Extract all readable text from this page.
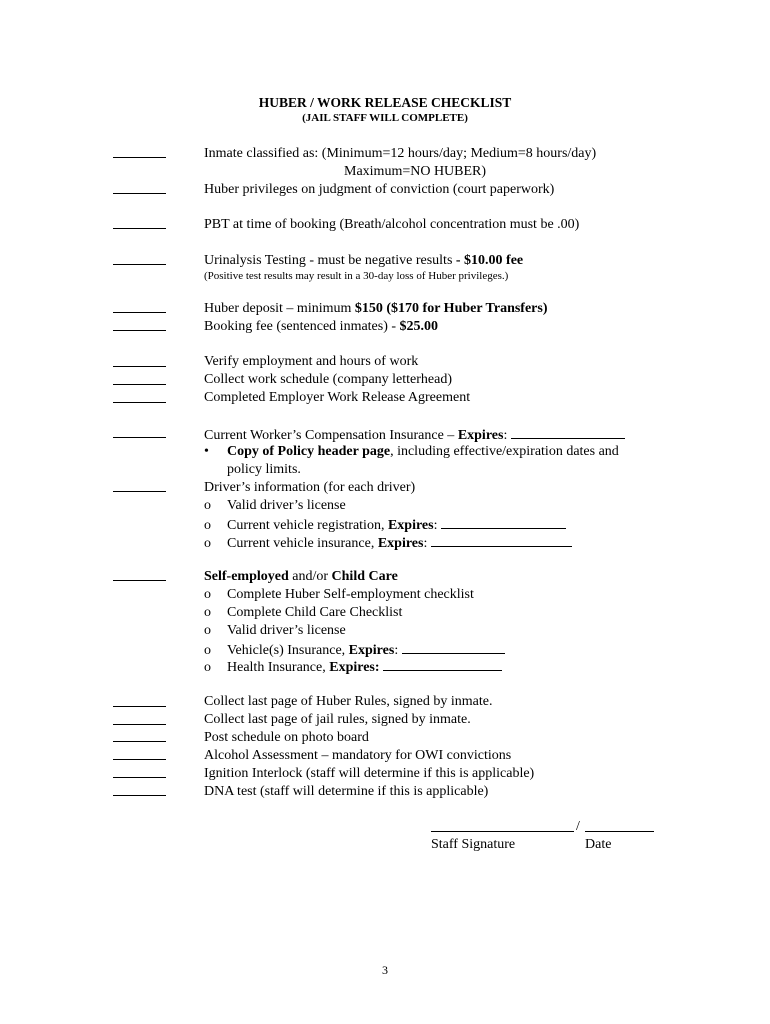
HUBER / WORK RELEASE CHECKLIST
(JAIL STAFF WILL COMPLETE)
Inmate classified as: (Minimum=12 hours/day; Medium=8 hours/day)
Maximum=NO HUBER)
Huber privileges on judgment of conviction (court paperwork)
PBT at time of booking (Breath/alcohol concentration must be .00)
Urinalysis Testing - must be negative results - $10.00 fee
(Positive test results may result in a 30-day loss of Huber privileges.)
Huber deposit – minimum $150 ($170 for Huber Transfers)
Booking fee (sentenced inmates) - $25.00
Verify employment and hours of work
Collect work schedule (company letterhead)
Completed Employer Work Release Agreement
Current Worker’s Compensation Insurance – Expires:
• Copy of Policy header page, including effective/expiration dates and
policy limits.
Driver’s information (for each driver)
o Valid driver’s license
o Current vehicle registration, Expires:
o Current vehicle insurance, Expires:
Self-employed and/or Child Care
o Complete Huber Self-employment checklist
o Complete Child Care Checklist
o Valid driver’s license
o Vehicle(s) Insurance, Expires:
o Health Insurance, Expires:
Collect last page of Huber Rules, signed by inmate.
Collect last page of jail rules, signed by inmate.
Post schedule on photo board
Alcohol Assessment – mandatory for OWI convictions
Ignition Interlock (staff will determine if this is applicable)
DNA test (staff will determine if this is applicable)
/
Staff Signature	Date
3
